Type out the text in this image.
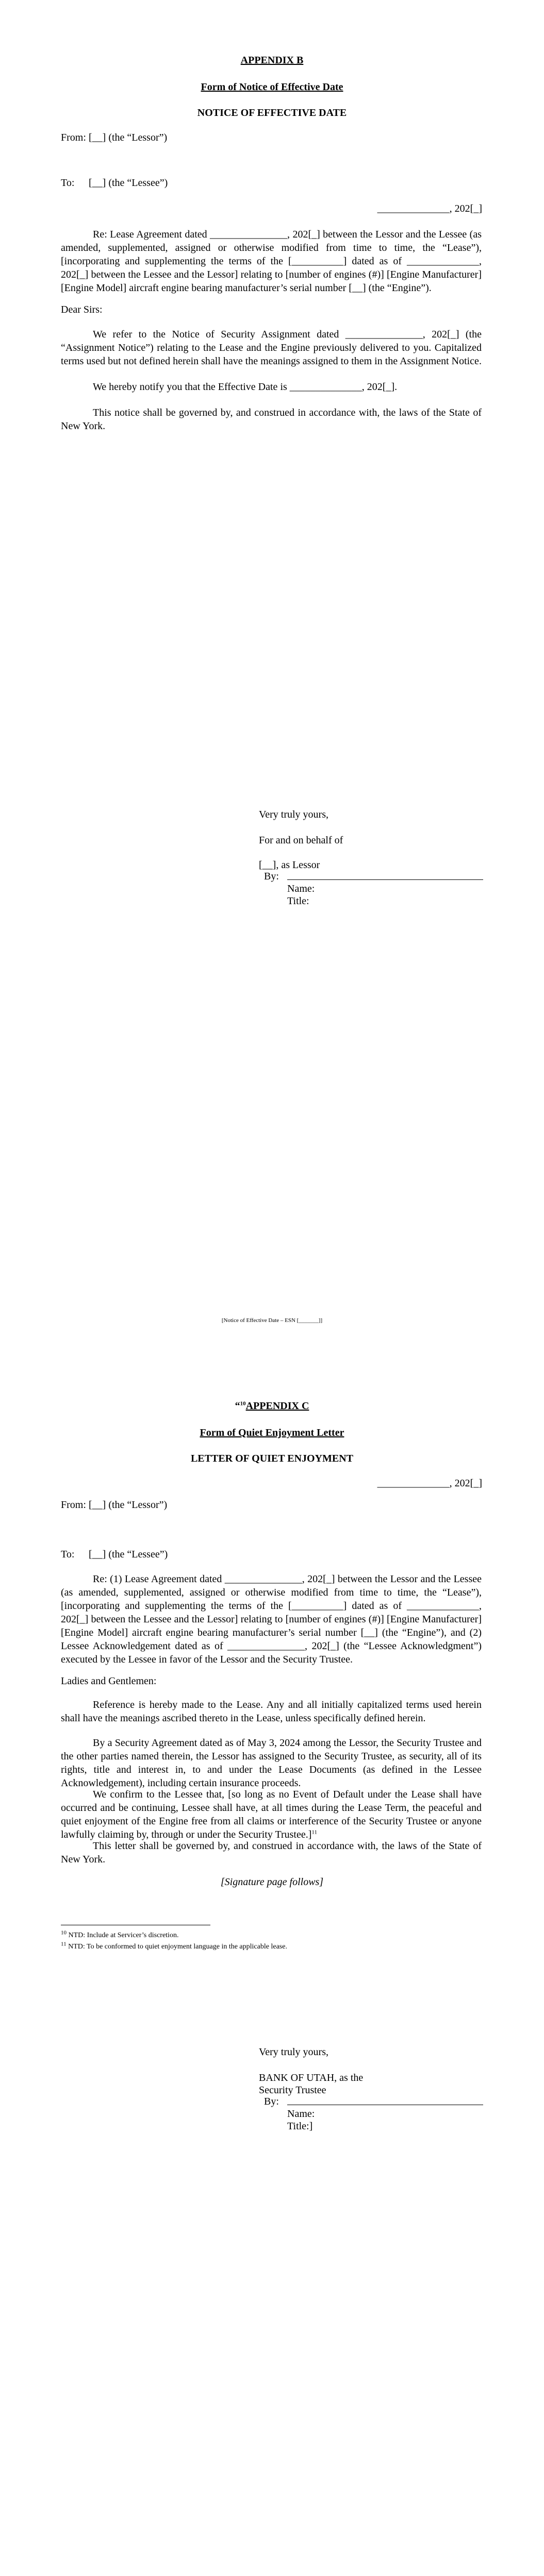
APPENDIX B
Form of Notice of Effective Date
NOTICE OF EFFECTIVE DATE
From: [__] (the “Lessor”)
To: [__] (the “Lessee”)
______________, 202[_]

Re: Lease Agreement dated _______________, 202[_] between the Lessor and the Lessee (as amended, supplemented, assigned or otherwise modified from time to time, the “Lease”), [incorporating and supplementing the terms of the [__________] dated as of ______________, 202[_] between the Lessee and the Lessor] relating to [number of engines (#)] [Engine Manufacturer] [Engine Model] aircraft engine bearing manufacturer’s serial number [__] (the “Engine”).

Dear Sirs:

We refer to the Notice of Security Assignment dated _______________, 202[_] (the “Assignment Notice”) relating to the Lease and the Engine previously delivered to you. Capitalized terms used but not defined herein shall have the meanings assigned to them in the Assignment Notice.

We hereby notify you that the Effective Date is ______________, 202[_].

This notice shall be governed by, and construed in accordance with, the laws of the State of New York.

Very truly yours,
For and on behalf of
[__], as Lessor
By:
Name:
Title:
[Notice of Effective Date – ESN [_______]]
“$^{10}$APPENDIX C
Form of Quiet Enjoyment Letter
LETTER OF QUIET ENJOYMENT
______________, 202[_]
From: [__] (the “Lessor”)
To: [__] (the “Lessee”)

Re: (1) Lease Agreement dated _______________, 202[_] between the Lessor and the Lessee (as amended, supplemented, assigned or otherwise modified from time to time, the “Lease”), [incorporating and supplementing the terms of the [__________] dated as of ______________, 202[_] between the Lessee and the Lessor] relating to [number of engines (#)] [Engine Manufacturer] [Engine Model] aircraft engine bearing manufacturer’s serial number [__] (the “Engine”), and (2) Lessee Acknowledgement dated as of _______________, 202[_] (the “Lessee Acknowledgment”) executed by the Lessee in favor of the Lessor and the Security Trustee.

Ladies and Gentlemen:

Reference is hereby made to the Lease. Any and all initially capitalized terms used herein shall have the meanings ascribed thereto in the Lease, unless specifically defined herein.

By a Security Agreement dated as of May 3, 2024 among the Lessor, the Security Trustee and the other parties named therein, the Lessor has assigned to the Security Trustee, as security, all of its rights, title and interest in, to and under the Lease Documents (as defined in the Lessee Acknowledgement), including certain insurance proceeds.

We confirm to the Lessee that, [so long as no Event of Default under the Lease shall have occurred and be continuing, Lessee shall have, at all times during the Lease Term, the peaceful and quiet enjoyment of the Engine free from all claims or interference of the Security Trustee or anyone lawfully claiming by, through or under the Security Trustee.]$^{11}$

This letter shall be governed by, and construed in accordance with, the laws of the State of New York.

[Signature page follows]
$^{10}$ NTD: Include at Servicer’s discretion.
$^{11}$ NTD: To be conformed to quiet enjoyment language in the applicable lease.
Very truly yours,
BANK OF UTAH, as the
Security Trustee
By:
Name:
Title:]
